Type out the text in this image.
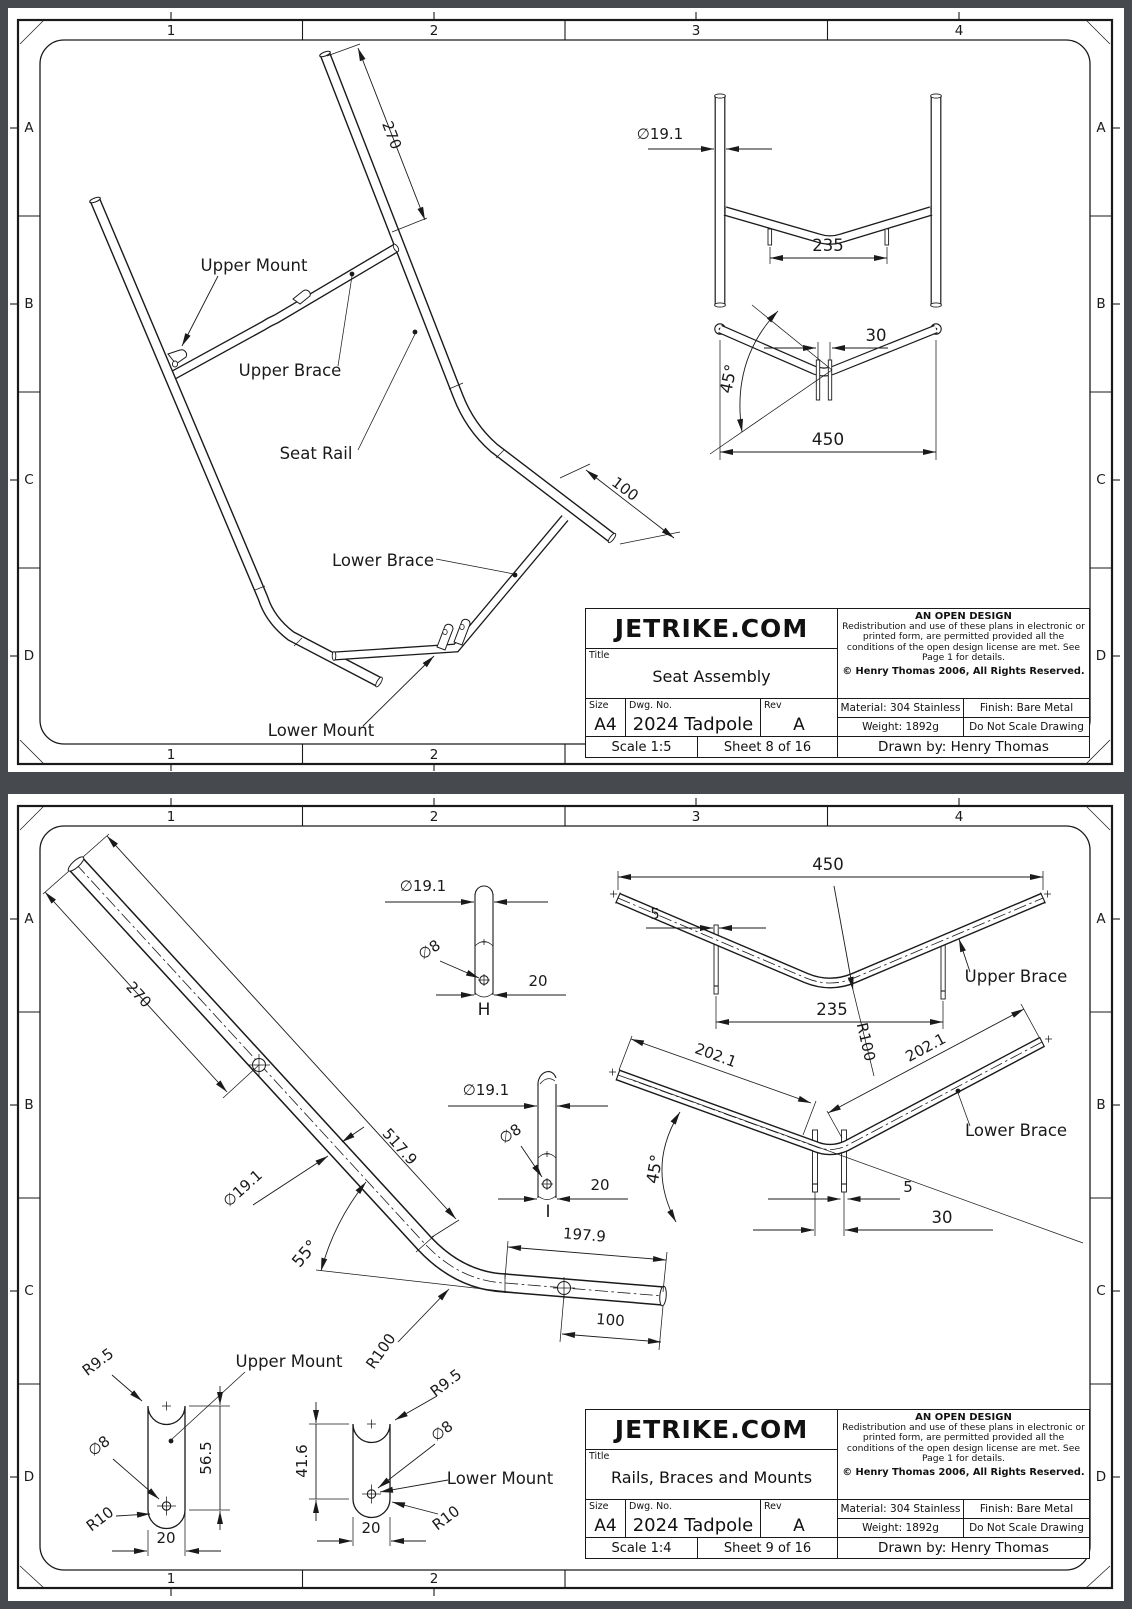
1	2	3	4
1	2
A
B
C
D
A
B
C
D
270
100
Upper Mount
Upper Brace
Seat Rail
Lower Brace
Lower Mount
∅19.1
235
30
45°
450
JETRIKE.COM
Title
Seat Assembly
Size
A4
Dwg. No.
2024 Tadpole
Rev
A
Scale 1:5	Sheet 8 of 16
AN OPEN DESIGN
Redistribution and use of these plans in electronic or printed form, are permitted provided all the conditions of the open design license are met. See Page 1 for details.
© Henry Thomas 2006, All Rights Reserved.
Material: 304 Stainless	Finish: Bare Metal
Weight: 1892g	Do Not Scale Drawing
Drawn by: Henry Thomas
1	2	3	4
1	2
A
B
C
D
A
B
C
D
270
517.9
∅19.1
55°
R100
197.9
100
∅19.1
∅8
20
H
∅19.1
∅8
20
I
450
5
235
R100
Upper Brace
202.1	202.1
45°
5
30
Lower Brace
56.5
20
R9.5	Upper Mount
∅8
R10
41.6
R9.5
∅8
Lower Mount
R10
20
JETRIKE.COM
Title
Rails, Braces and Mounts
Size
A4
Dwg. No.
2024 Tadpole
Rev
A
Scale 1:4	Sheet 9 of 16
AN OPEN DESIGN
Redistribution and use of these plans in electronic or printed form, are permitted provided all the conditions of the open design license are met. See Page 1 for details.
© Henry Thomas 2006, All Rights Reserved.
Material: 304 Stainless	Finish: Bare Metal
Weight: 1892g	Do Not Scale Drawing
Drawn by: Henry Thomas
